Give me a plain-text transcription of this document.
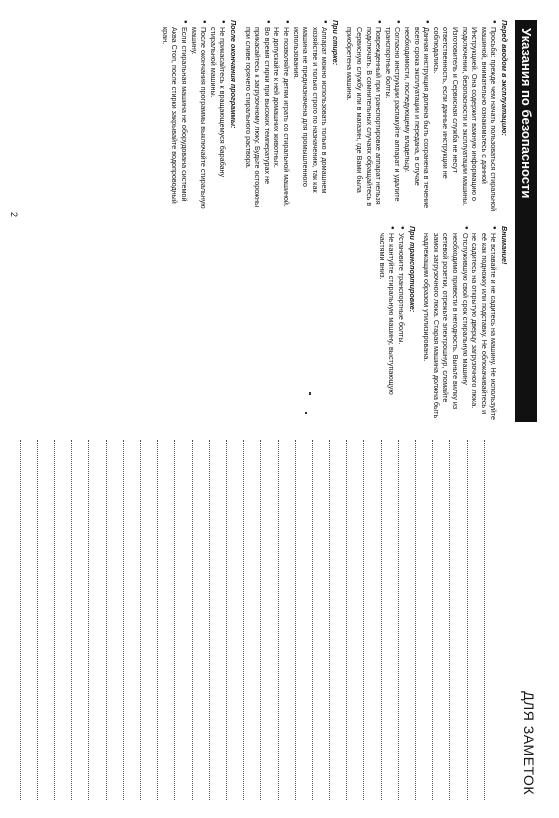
Указания по безопасности
Перед вводом в эксплуатацию:
● Просьба: прежде чем начать пользоваться стиральной машиной, внимательно ознакомьтесь с данной Инструкцией. Она содержит важную информацию о подключении, безопасности и эксплуатации машины. Изготовитель и Сервисная служба не несут ответственность, если данные инструкции не соблюдались.
● Данная инструкция должна быть сохранена в течение всего срока эксплуатации и передана, в случае необходимости, последующему владельцу.
● Согласно инструкции распакуйте аппарат и удалите транспортные болты.
● Поврежденный при транспортировке аппарат нельзя подключать. В сомнительных случаях обращайтесь в Сервисную службу или в магазин, где Вами была приобретена машина.
При стирке:
● Аппарат можно использовать только в домашнем хозяйстве и только строго по назначению, так как машина не предназначена для промышленного использования.
● Не позволяйте детям играть со стиральной машиной. Не допускайте к ней домашних животных.
● Во время стирки при высоких температурах не прикасайтесь к загрузочному люку. Будьте осторожны при сливе горячего стирального раствора.
После окончания программы:
● Не прикасайтесь к вращающемуся барабану стиральной машины.
● После окончания программы выключайте стиральную машину.
● Если стиральная машина не оборудована системой Аква Стоп, после стирки закрывайте водопроводный кран.
Внимание!
● Не вставайте и не садитесь на машину. Не используйте её как подножку или подставку. Не облокачивайтесь и не садитесь на открытую дверцу загрузочного люка.
● Отслужившую свой срок стиральную машину необходимо привести в негодность. Выньте вилку из сетевой розетки, отрежьте электрошнур, сломайте замок загрузочного люка. Старая машина должна быть надлежащим образом утилизирована.
При транспортировке:
● Установите транспортные болты.
● Не кантуйте стиральную машину, выступающую частями вниз.
2
ДЛЯ ЗАМЕТОК
